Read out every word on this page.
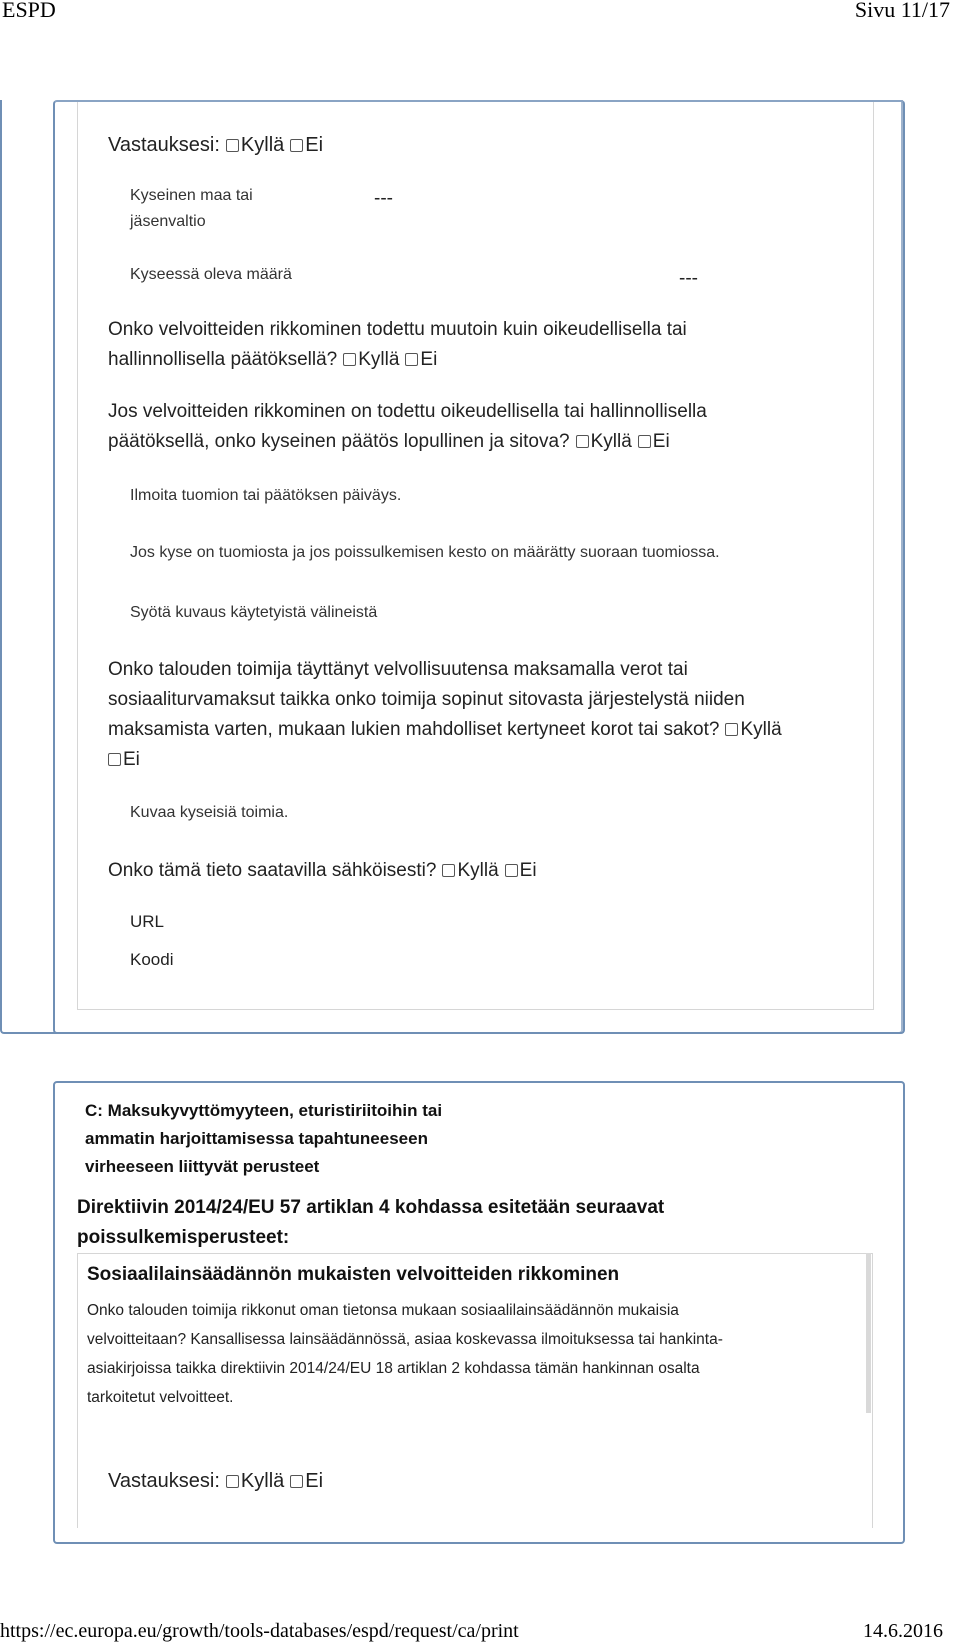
ESPD	Sivu 11/17
Vastauksesi: Kyllä Ei
Kyseinen maa tai
jäsenvaltio
---
Kyseessä oleva määrä	---
Onko velvoitteiden rikkominen todettu muutoin kuin oikeudellisella tai
hallinnollisella päätöksellä? Kyllä Ei
Jos velvoitteiden rikkominen on todettu oikeudellisella tai hallinnollisella
päätöksellä, onko kyseinen päätös lopullinen ja sitova? Kyllä Ei
Ilmoita tuomion tai päätöksen päiväys.
Jos kyse on tuomiosta ja jos poissulkemisen kesto on määrätty suoraan tuomiossa.
Syötä kuvaus käytetyistä välineistä
Onko talouden toimija täyttänyt velvollisuutensa maksamalla verot tai
sosiaaliturvamaksut taikka onko toimija sopinut sitovasta järjestelystä niiden
maksamista varten, mukaan lukien mahdolliset kertyneet korot tai sakot? Kyllä
Ei
Kuvaa kyseisiä toimia.
Onko tämä tieto saatavilla sähköisesti? Kyllä Ei
URL
Koodi
C: Maksukyvyttömyyteen, eturistiriitoihin tai
ammatin harjoittamisessa tapahtuneeseen
virheeseen liittyvät perusteet
Direktiivin 2014/24/EU 57 artiklan 4 kohdassa esitetään seuraavat
poissulkemisperusteet:
Sosiaalilainsäädännön mukaisten velvoitteiden rikkominen
Onko talouden toimija rikkonut oman tietonsa mukaan sosiaalilainsäädännön mukaisia
velvoitteitaan? Kansallisessa lainsäädännössä, asiaa koskevassa ilmoituksessa tai hankinta-
asiakirjoissa taikka direktiivin 2014/24/EU 18 artiklan 2 kohdassa tämän hankinnan osalta
tarkoitetut velvoitteet.
Vastauksesi: Kyllä Ei
https://ec.europa.eu/growth/tools-databases/espd/request/ca/print	14.6.2016
